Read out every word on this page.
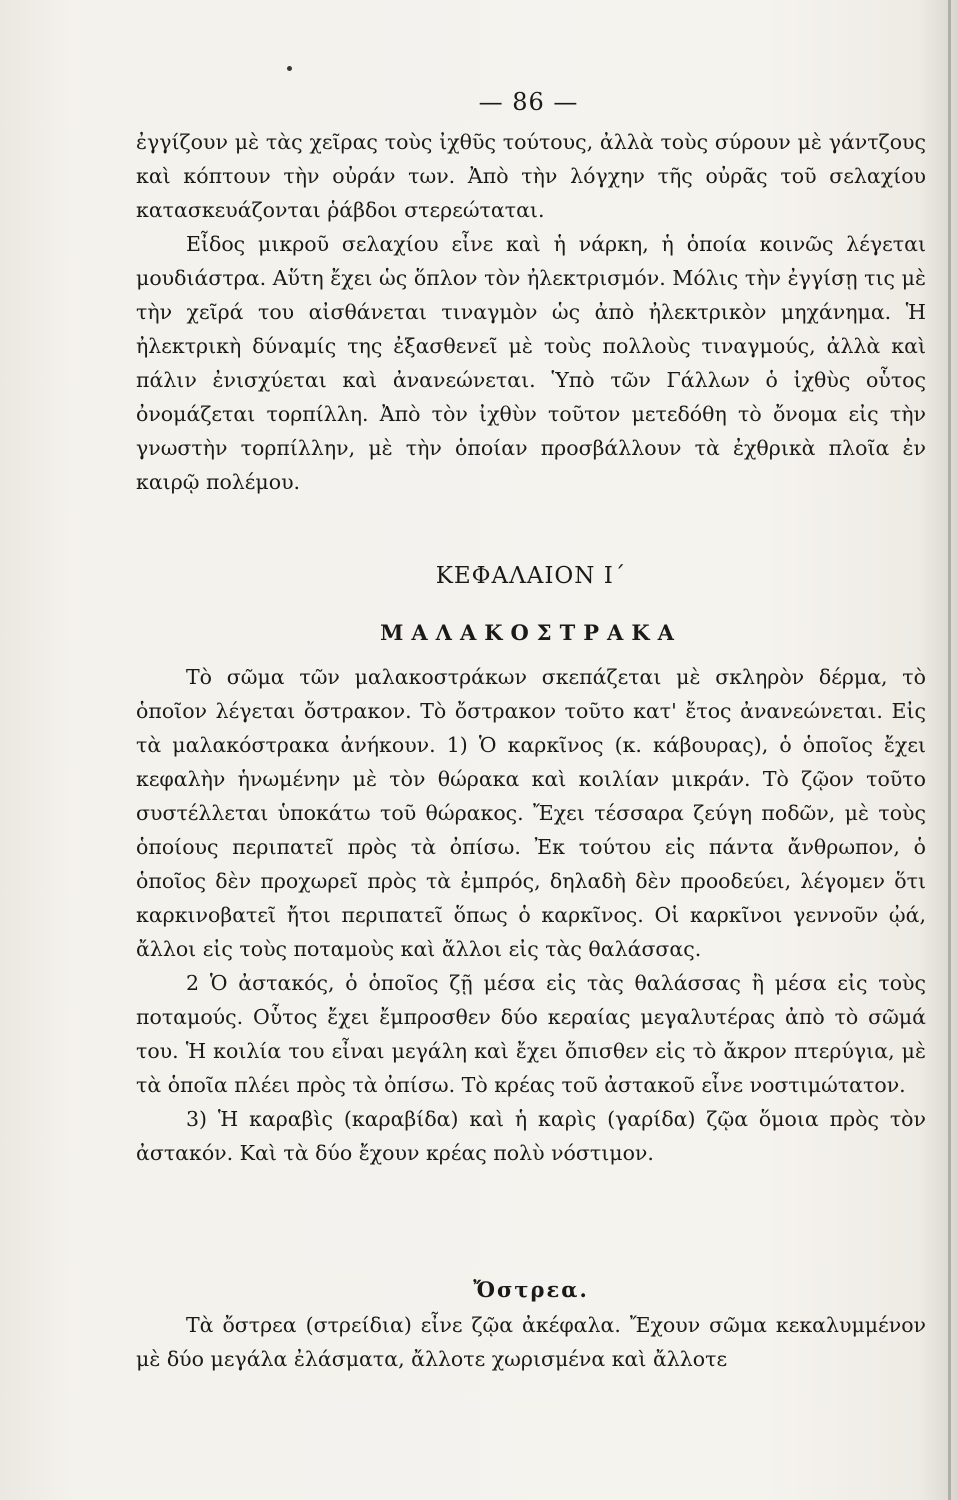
— 86 —

ἐγγίζουν μὲ τὰς χεῖρας τοὺς ἰχθῦς τούτους, ἀλλὰ τοὺς σύρουν μὲ γάντζους καὶ κόπτουν τὴν οὐράν των. Ἀπὸ τὴν λόγχην τῆς οὐρᾶς τοῦ σελαχίου κατασκευάζονται ῥάβδοι στερεώταται.

Εἶδος μικροῦ σελαχίου εἶνε καὶ ἡ νάρκη, ἡ ὁποία κοινῶς λέγεται μουδιάστρα. Αὕτη ἔχει ὡς ὅπλον τὸν ἠλεκτρισμόν. Μόλις τὴν ἐγγίσῃ τις μὲ τὴν χεῖρά του αἰσθάνεται τιναγμὸν ὡς ἀπὸ ἠλεκτρικὸν μηχάνημα. Ἡ ἠλεκτρικὴ δύναμίς της ἐξασθενεῖ μὲ τοὺς πολλοὺς τιναγμούς, ἀλλὰ καὶ πάλιν ἐνισχύεται καὶ ἀνανεώνεται. Ὑπὸ τῶν Γάλλων ὁ ἰχθὺς οὗτος ὀνομάζεται τορπίλλη. Ἀπὸ τὸν ἰχθὺν τοῦτον μετεδόθη τὸ ὄνομα εἰς τὴν γνωστὴν τορπίλλην, μὲ τὴν ὁποίαν προσβάλλουν τὰ ἐχθρικὰ πλοῖα ἐν καιρῷ πολέμου.

ΚΕΦΑΛΑΙΟΝ Ι΄
ΜΑΛΑΚΟΣΤΡΑΚΑ

Τὸ σῶμα τῶν μαλακοστράκων σκεπάζεται μὲ σκληρὸν δέρμα, τὸ ὁποῖον λέγεται ὄστρακον. Τὸ ὄστρακον τοῦτο κατ' ἔτος ἀνανεώνεται. Εἰς τὰ μαλακόστρακα ἀνήκουν. 1) Ὁ καρκῖνος (κ. κάβουρας), ὁ ὁποῖος ἔχει κεφαλὴν ἡνωμένην μὲ τὸν θώρακα καὶ κοιλίαν μικράν. Τὸ ζῷον τοῦτο συστέλλεται ὑποκάτω τοῦ θώρακος. Ἔχει τέσσαρα ζεύγη ποδῶν, μὲ τοὺς ὁποίους περιπατεῖ πρὸς τὰ ὀπίσω. Ἐκ τούτου εἰς πάντα ἄνθρωπον, ὁ ὁποῖος δὲν προχωρεῖ πρὸς τὰ ἐμπρός, δηλαδὴ δὲν προοδεύει, λέγομεν ὅτι καρκινοβατεῖ ἤτοι περιπατεῖ ὅπως ὁ καρκῖνος. Οἱ καρκῖνοι γεννοῦν ᾠά, ἄλλοι εἰς τοὺς ποταμοὺς καὶ ἄλλοι εἰς τὰς θαλάσσας.

2 Ὁ ἀστακός, ὁ ὁποῖος ζῇ μέσα εἰς τὰς θαλάσσας ἢ μέσα εἰς τοὺς ποταμούς. Οὗτος ἔχει ἔμπροσθεν δύο κεραίας μεγαλυτέρας ἀπὸ τὸ σῶμά του. Ἡ κοιλία του εἶναι μεγάλη καὶ ἔχει ὄπισθεν εἰς τὸ ἄκρον πτερύγια, μὲ τὰ ὁποῖα πλέει πρὸς τὰ ὀπίσω. Τὸ κρέας τοῦ ἀστακοῦ εἶνε νοστιμώτατον.

3) Ἡ καραβὶς (καραβίδα) καὶ ἡ καρὶς (γαρίδα) ζῷα ὅμοια πρὸς τὸν ἀστακόν. Καὶ τὰ δύο ἔχουν κρέας πολὺ νόστιμον.

Ὄστρεα.

Τὰ ὄστρεα (στρείδια) εἶνε ζῷα ἀκέφαλα. Ἔχουν σῶμα κεκαλυμμένον μὲ δύο μεγάλα ἐλάσματα, ἄλλοτε χωρισμένα καὶ ἄλλοτε
